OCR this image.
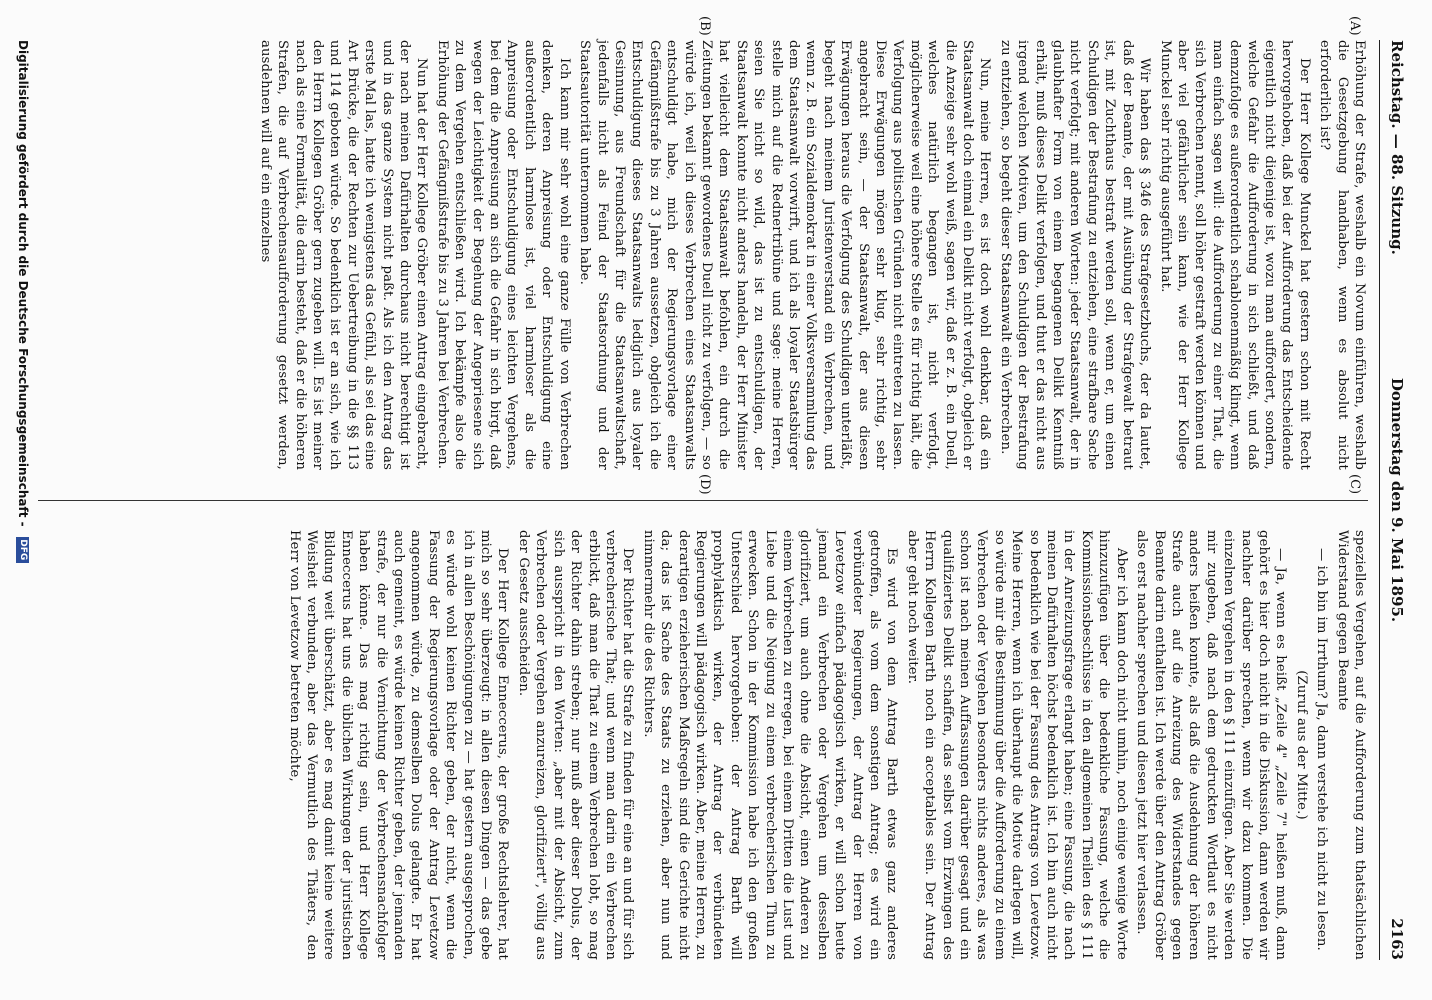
Reichstag. — 88. Sitzung.
Donnerstag den 9. Mai 1895.
2163
(A)
(B)
(C)
(D)

Erhöhung der Strafe, weshalb ein Novum einführen, weshalb die Gesetzgebung handhaben, wenn es absolut nicht erforderlich ist?

Der Herr Kollege Munckel hat gestern schon mit Recht hervorgehoben, daß bei der Aufforderung das Entscheidende eigentlich nicht diejenige ist, wozu man auffordert, sondern, welche Gefahr die Aufforderung in sich schließt, und daß demzufolge es außerordentlich schablonenmäßig klingt, wenn man einfach sagen will: die Aufforderung zu einer That, die sich Verbrechen nennt, soll höher gestraft werden können und aber viel gefährlicher sein kann, wie der Herr Kollege Munckel sehr richtig ausgeführt hat.

Wir haben das § 346 des Strafgesetzbuchs, der da lautet, daß der Beamte, der mit Ausübung der Strafgewalt betraut ist, mit Zuchthaus bestraft werden soll, wenn er, um einen Schuldigen der Bestrafung zu entziehen, eine strafbare Sache nicht verfolgt; mit anderen Worten: jeder Staatsanwalt, der in glaubhafter Form von einem begangenen Delikt Kenntniß erhält, muß dieses Delikt verfolgen, und thut er das nicht aus irgend welchen Motiven, um den Schuldigen der Bestrafung zu entziehen, so begeht dieser Staatsanwalt ein Verbrechen.

Nun, meine Herren, es ist doch wohl denkbar, daß ein Staatsanwalt doch einmal ein Delikt nicht verfolgt, obgleich er die Anzeige sehr wohl weiß, sagen wir, daß er z. B. ein Duell, welches natürlich begangen ist, nicht verfolgt, möglicherweise weil eine höhere Stelle es für richtig hält, die Verfolgung aus politischen Gründen nicht eintreten zu lassen. Diese Erwägungen mögen sehr klug, sehr richtig, sehr angebracht sein, — der Staatsanwalt, der aus diesen Erwägungen heraus die Verfolgung des Schuldigen unterläßt, begeht nach meinem Juristenverstand ein Verbrechen, und wenn z. B. ein Sozialdemokrat in einer Volksversammlung das dem Staatsanwalt vorwirft, und ich als loyaler Staatsbürger stelle mich auf die Rednertribüne und sage: meine Herren, seien Sie nicht so wild, das ist zu entschuldigen, der Staatsanwalt konnte nicht anders handeln, der Herr Minister hat vielleicht dem Staatsanwalt befohlen, ein durch die Zeitungen bekannt gewordenes Duell nicht zu verfolgen, — so würde ich, weil ich dieses Verbrechen eines Staatsanwalts entschuldigt habe, mich der Regierungsvorlage einer Gefängnißstrafe bis zu 3 Jahren aussetzen, obgleich ich die Entschuldigung dieses Staatsanwalts lediglich aus loyaler Gesinnung, aus Freundschaft für die Staatsanwaltschaft, jedenfalls nicht als Feind der Staatsordnung und der Staatsautorität unternommen habe.

Ich kann mir sehr wohl eine ganze Fülle von Verbrechen denken, deren Anpreisung oder Entschuldigung eine außerordentlich harmlose ist, viel harmloser als die Anpreisung oder Entschuldigung eines leichten Vergehens, bei dem die Anpreisung an sich die Gefahr in sich birgt, daß wegen der Leichtigkeit der Begehung der Angepriesene sich zu dem Vergehen entschließen wird. Ich bekämpfe also die Erhöhung der Gefängnißstrafe bis zu 3 Jahren bei Verbrechen.

Nun hat der Herr Kollege Gröber einen Antrag eingebracht, der nach meinen Dafürhalten durchaus nicht berechtigt ist und in das ganze System nicht paßt. Als ich den Antrag das erste Mal las, hatte ich wenigstens das Gefühl, als sei das eine Art Brücke, die der Rechten zur Uebertreibung in die §§ 113 und 114 geboten würde. So bedenklich ist er an sich, wie ich den Herrn Kollegen Gröber gern zugeben will. Es ist meiner nach als eine Formalität, die darin besteht, daß er die höheren Strafen, die auf Verbrechensaufforderung gesetzt werden, ausdehnen will auf ein einzelnes

spezielles Vergehen, auf die Aufforderung zum thatsächlichen Widerstand gegen Beamte

— ich bin im Irrthum? Ja, dann verstehe ich nicht zu lesen.

(Zuruf aus der Mitte.)

— Ja, wenn es heißt „Zeile 4" „Zeile 7" heißen muß, dann gehört es hier doch nicht in die Diskussion, dann werden wir nachher darüber sprechen, wenn wir dazu kommen. Die einzelnen Vergehen in den § 111 einzufügen. Aber Sie werden mir zugeben, daß nach dem gedruckten Wortlaut es nicht anders heißen konnte, als daß die Ausdehnung der höheren Strafe auch auf die Anreizung des Widerstandes gegen Beamte darin enthalten ist. Ich werde über den Antrag Gröber also erst nachher sprechen und diesen jetzt hier verlassen.

Aber ich kann doch nicht umhin, noch einige wenige Worte hinzuzufügen über die bedenkliche Fassung, welche die Kommissionsbeschlüsse in den allgemeinen Theilen des § 111 in der Anreizungsfrage erlangt haben; eine Fassung, die nach meinen Dafürhalten höchst bedenklich ist. Ich bin auch nicht so bedenklich wie bei der Fassung des Antrags von Levetzow. Meine Herren, wenn ich überhaupt die Motive darlegen will, so würde mir die Bestimmung über die Aufforderung zu einem Verbrechen oder Vergehen besonders nichts anderes, als was schon ist nach meinen Auffassungen darüber gesagt und ein qualifiziertes Delikt schaffen, das selbst vom Erzwingen des Herrn Kollegen Barth noch ein acceptables sein. Der Antrag aber geht noch weiter.

Es wird von dem Antrag Barth etwas ganz anderes getroffen, als vom dem sonstigen Antrag; es wird ein verbündeter Regierungen, der Antrag der Herren von Levetzow einfach pädagogisch wirken, er will schon heute jemand ein Verbrechen oder Vergehen um desselben glorifiziert, um auch ohne die Absicht, einen Anderen zu einem Verbrechen zu erregen, bei einem Dritten die Lust und Liebe und die Neigung zu einem verbrecherischen Thun zu erwecken. Schon in der Kommission habe ich den großen Unterschied hervorgehoben: der Antrag Barth will prophylaktisch wirken, der Antrag der verbündeten Regierungen will pädagogisch wirken. Aber, meine Herren, zu derartigen erzieherischen Maßregeln sind die Gerichte nicht da; das ist Sache des Staats zu erziehen, aber nun und nimmermehr die des Richters.

Der Richter hat die Strafe zu finden für eine an und für sich verbrecherische That; und wenn man darin ein Verbrechen erblickt, daß man die That zu einem Verbrechen lobt, so mag der Richter dahin streben; nur muß aber dieser Dolus, der sich ausspricht in den Worten: „aber mit der Absicht, zum Verbrechen oder Vergehen anzureizen, glorifiziert", völlig aus der Gesetz ausscheiden.

Der Herr Kollege Enneccerus, der große Rechtslehrer, hat mich so sehr überzeugt: in allen diesen Dingen — das gebe ich in allen Beschönigungen zu — hat gestern ausgesprochen, es würde wohl keinen Richter geben, der nicht, wenn die Fassung der Regierungsvorlage oder der Antrag Levetzow angenommen würde, zu demselben Dolus gelangte. Er hat auch gemeint, es würde keinen Richter geben, der jemanden strafe, der nur die Vernichtung der Verbrechensnachfolger haben könne. Das mag richtig sein, und Herr Kollege Enneccerus hat uns die üblichen Wirkungen der juristischen Bildung weit überschätzt, aber es mag damit keine weitere Weisheit verbunden, aber das Vermutlich des Thäters, den Herr von Levetzow betreten möchte,

Digitalisierung gefördert durch die Deutsche Forschungsgemeinschaft - DFG
